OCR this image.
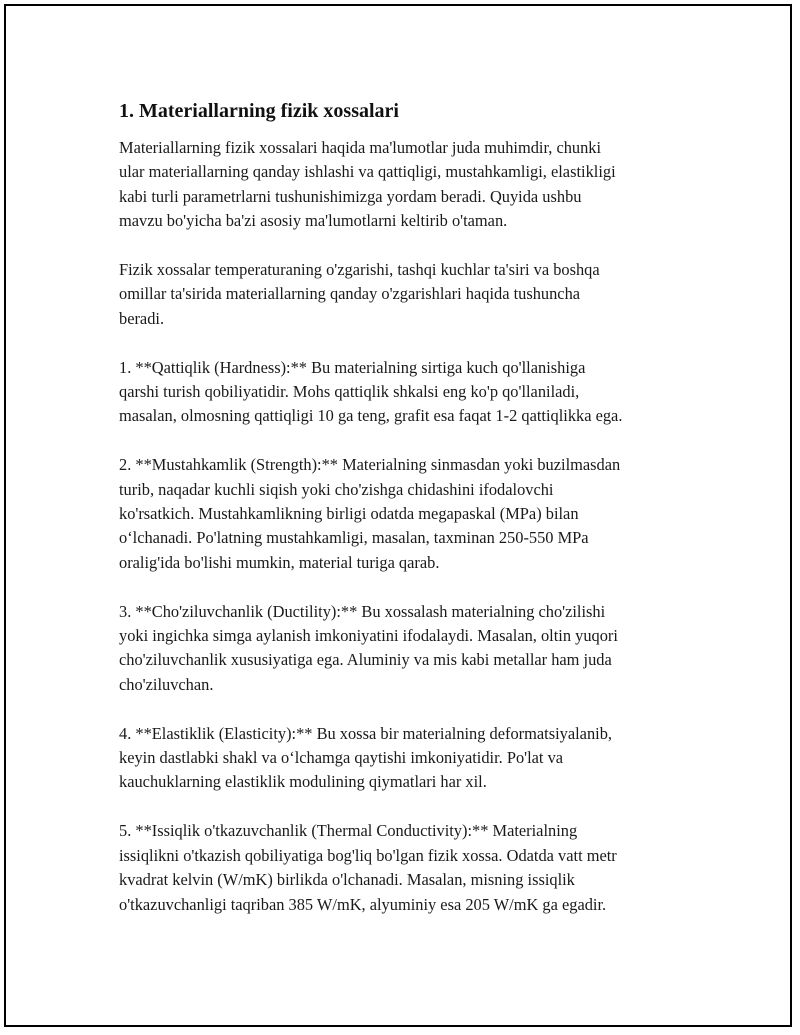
1. Materiallarning fizik xossalari

Materiallarning fizik xossalari haqida ma'lumotlar juda muhimdir, chunki
ular materiallarning qanday ishlashi va qattiqligi, mustahkamligi, elastikligi
kabi turli parametrlarni tushunishimizga yordam beradi. Quyida ushbu
mavzu bo'yicha ba'zi asosiy ma'lumotlarni keltirib o'taman.

Fizik xossalar temperaturaning o'zgarishi, tashqi kuchlar ta'siri va boshqa
omillar ta'sirida materiallarning qanday o'zgarishlari haqida tushuncha
beradi.

1. **Qattiqlik (Hardness):** Bu materialning sirtiga kuch qo'llanishiga
qarshi turish qobiliyatidir. Mohs qattiqlik shkalsi eng ko'p qo'llaniladi,
masalan, olmosning qattiqligi 10 ga teng, grafit esa faqat 1-2 qattiqlikka ega.

2. **Mustahkamlik (Strength):** Materialning sinmasdan yoki buzilmasdan
turib, naqadar kuchli siqish yoki cho'zishga chidashini ifodalovchi
ko'rsatkich. Mustahkamlikning birligi odatda megapaskal (MPa) bilan
o‘lchanadi. Po'latning mustahkamligi, masalan, taxminan 250-550 MPa
oralig'ida bo'lishi mumkin, material turiga qarab.

3. **Cho'ziluvchanlik (Ductility):** Bu xossalash materialning cho'zilishi
yoki ingichka simga aylanish imkoniyatini ifodalaydi. Masalan, oltin yuqori
cho'ziluvchanlik xususiyatiga ega. Aluminiy va mis kabi metallar ham juda
cho'ziluvchan.

4. **Elastiklik (Elasticity):** Bu xossa bir materialning deformatsiyalanib,
keyin dastlabki shakl va o‘lchamga qaytishi imkoniyatidir. Po'lat va
kauchuklarning elastiklik modulining qiymatlari har xil.

5. **Issiqlik o'tkazuvchanlik (Thermal Conductivity):** Materialning
issiqlikni o'tkazish qobiliyatiga bog'liq bo'lgan fizik xossa. Odatda vatt metr
kvadrat kelvin (W/mK) birlikda o'lchanadi. Masalan, misning issiqlik
o'tkazuvchanligi taqriban 385 W/mK, alyuminiy esa 205 W/mK ga egadir.
